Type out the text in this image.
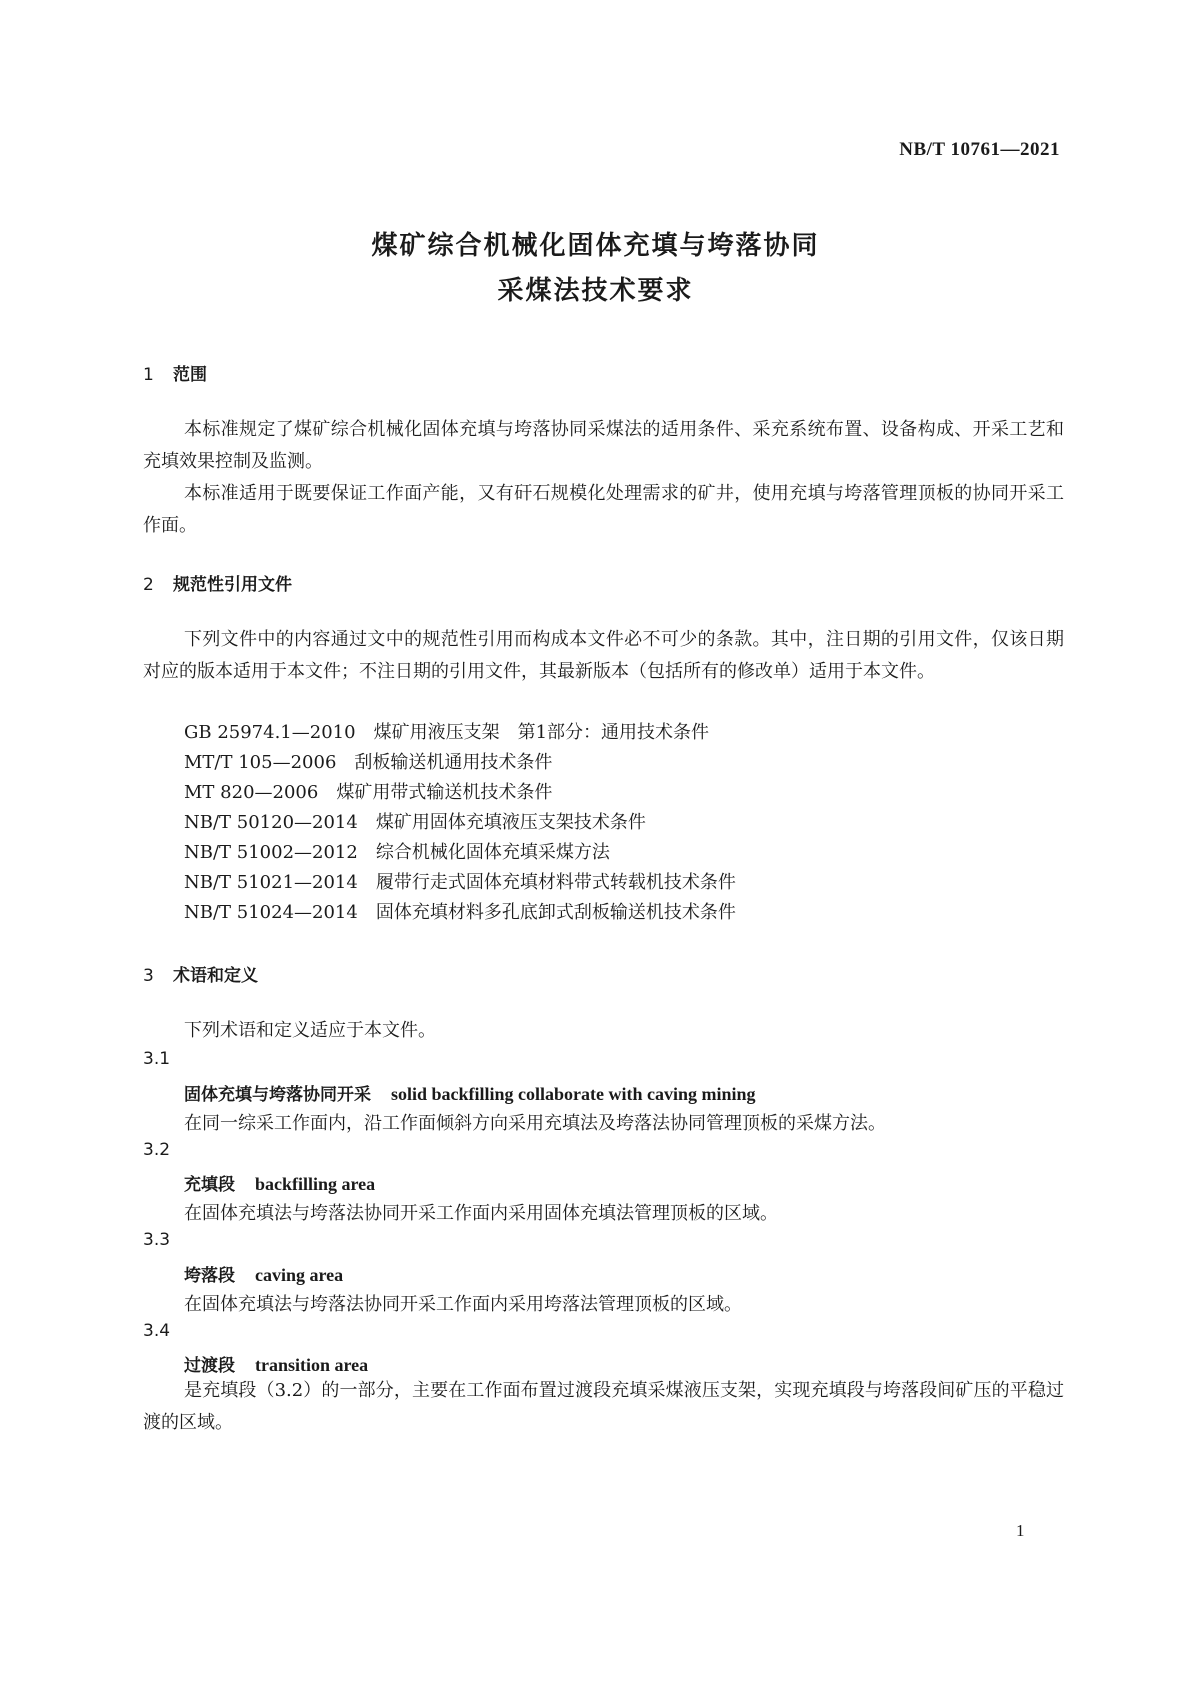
NB/T 10761—2021
煤矿综合机械化固体充填与垮落协同
采煤法技术要求
1 范围
本标准规定了煤矿综合机械化固体充填与垮落协同采煤法的适用条件、采充系统布置、设备构成、开采工艺和充填效果控制及监测。
本标准适用于既要保证工作面产能，又有矸石规模化处理需求的矿井，使用充填与垮落管理顶板的协同开采工作面。
2 规范性引用文件
下列文件中的内容通过文中的规范性引用而构成本文件必不可少的条款。其中，注日期的引用文件，仅该日期对应的版本适用于本文件；不注日期的引用文件，其最新版本（包括所有的修改单）适用于本文件。
GB 25974.1—2010 煤矿用液压支架　第1部分：通用技术条件
MT/T 105—2006 刮板输送机通用技术条件
MT 820—2006 煤矿用带式输送机技术条件
NB/T 50120—2014 煤矿用固体充填液压支架技术条件
NB/T 51002—2012 综合机械化固体充填采煤方法
NB/T 51021—2014 履带行走式固体充填材料带式转载机技术条件
NB/T 51024—2014 固体充填材料多孔底卸式刮板输送机技术条件
3 术语和定义
下列术语和定义适应于本文件。
3.1
固体充填与垮落协同开采 solid backfilling collaborate with caving mining
在同一综采工作面内，沿工作面倾斜方向采用充填法及垮落法协同管理顶板的采煤方法。
3.2
充填段 backfilling area
在固体充填法与垮落法协同开采工作面内采用固体充填法管理顶板的区域。
3.3
垮落段 caving area
在固体充填法与垮落法协同开采工作面内采用垮落法管理顶板的区域。
3.4
过渡段 transition area
是充填段（3.2）的一部分，主要在工作面布置过渡段充填采煤液压支架，实现充填段与垮落段间矿压的平稳过渡的区域。
1
